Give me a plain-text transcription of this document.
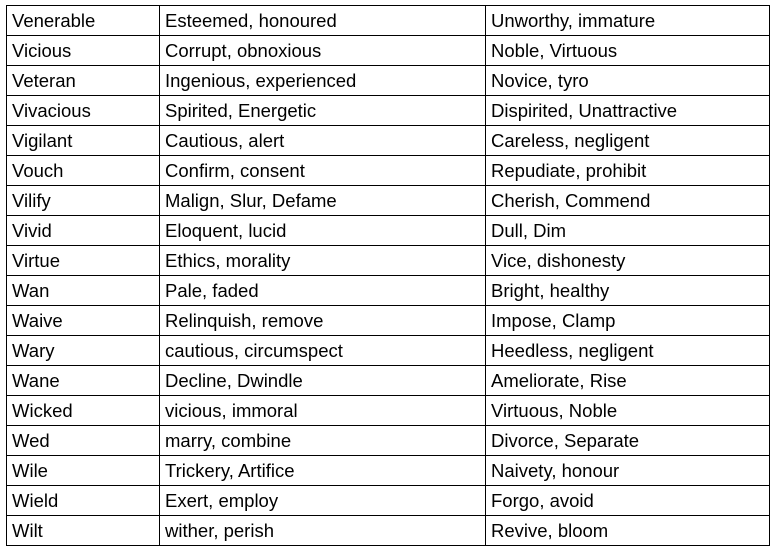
Venerable	Esteemed, honoured	Unworthy, immature
Vicious	Corrupt, obnoxious	Noble, Virtuous
Veteran	Ingenious, experienced	Novice, tyro
Vivacious	Spirited, Energetic	Dispirited, Unattractive
Vigilant	Cautious, alert	Careless, negligent
Vouch	Confirm, consent	Repudiate, prohibit
Vilify	Malign, Slur, Defame	Cherish, Commend
Vivid	Eloquent, lucid	Dull, Dim
Virtue	Ethics, morality	Vice, dishonesty
Wan	Pale, faded	Bright, healthy
Waive	Relinquish, remove	Impose, Clamp
Wary	cautious, circumspect	Heedless, negligent
Wane	Decline, Dwindle	Ameliorate, Rise
Wicked	vicious, immoral	Virtuous, Noble
Wed	marry, combine	Divorce, Separate
Wile	Trickery, Artifice	Naivety, honour
Wield	Exert, employ	Forgo, avoid
Wilt	wither, perish	Revive, bloom
